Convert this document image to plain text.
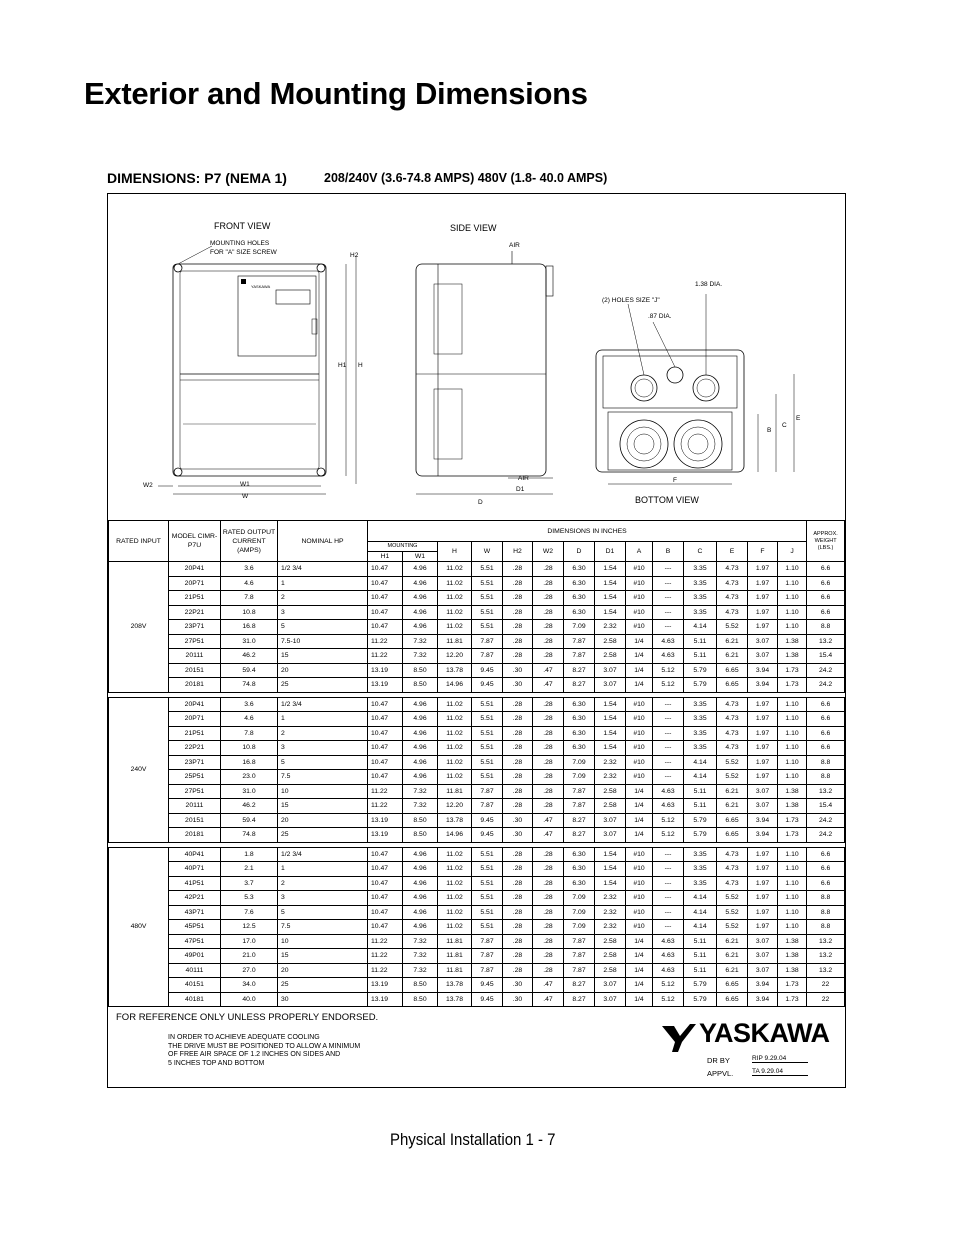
Exterior and Mounting Dimensions
DIMENSIONS: P7 (NEMA 1)	208/240V (3.6-74.8 AMPS) 480V (1.8- 40.0 AMPS)
FRONT VIEW	SIDE VIEW
BOTTOM VIEW
MOUNTING HOLES
FOR "A" SIZE SCREW
YASKAWA
H2
H1 H
W1
W2
W
AIR
AIR
D1
D
1.38 DIA.
(2) HOLES SIZE "J"
.87 DIA.
B
C
E
F
RATED INPUT	MODEL CIMR-P7U	RATED OUTPUT CURRENT (AMPS)	NOMINAL HP	DIMENSIONS IN INCHES														APPROX. WEIGHT (LBS.)
				MOUNTING		H	W	H2	W2	D	D1	A	B	C	E	F	J	
				H1	W1													
208V	20P41	3.6	1/2 3/4	10.47	4.96	11.02	5.51	.28	.28	6.30	1.54	#10	---	3.35	4.73	1.97	1.10	6.6
	20P71	4.6	1	10.47	4.96	11.02	5.51	.28	.28	6.30	1.54	#10	---	3.35	4.73	1.97	1.10	6.6
	21P51	7.8	2	10.47	4.96	11.02	5.51	.28	.28	6.30	1.54	#10	---	3.35	4.73	1.97	1.10	6.6
	22P21	10.8	3	10.47	4.96	11.02	5.51	.28	.28	6.30	1.54	#10	---	3.35	4.73	1.97	1.10	6.6
	23P71	16.8	5	10.47	4.96	11.02	5.51	.28	.28	7.09	2.32	#10	---	4.14	5.52	1.97	1.10	8.8
	27P51	31.0	7.5-10	11.22	7.32	11.81	7.87	.28	.28	7.87	2.58	1/4	4.63	5.11	6.21	3.07	1.38	13.2
	20111	46.2	15	11.22	7.32	12.20	7.87	.28	.28	7.87	2.58	1/4	4.63	5.11	6.21	3.07	1.38	15.4
	20151	59.4	20	13.19	8.50	13.78	9.45	.30	.47	8.27	3.07	1/4	5.12	5.79	6.65	3.94	1.73	24.2
	20181	74.8	25	13.19	8.50	14.96	9.45	.30	.47	8.27	3.07	1/4	5.12	5.79	6.65	3.94	1.73	24.2

240V	20P41	3.6	1/2 3/4	10.47	4.96	11.02	5.51	.28	.28	6.30	1.54	#10	---	3.35	4.73	1.97	1.10	6.6
	20P71	4.6	1	10.47	4.96	11.02	5.51	.28	.28	6.30	1.54	#10	---	3.35	4.73	1.97	1.10	6.6
	21P51	7.8	2	10.47	4.96	11.02	5.51	.28	.28	6.30	1.54	#10	---	3.35	4.73	1.97	1.10	6.6
	22P21	10.8	3	10.47	4.96	11.02	5.51	.28	.28	6.30	1.54	#10	---	3.35	4.73	1.97	1.10	6.6
	23P71	16.8	5	10.47	4.96	11.02	5.51	.28	.28	7.09	2.32	#10	---	4.14	5.52	1.97	1.10	8.8
	25P51	23.0	7.5	10.47	4.96	11.02	5.51	.28	.28	7.09	2.32	#10	---	4.14	5.52	1.97	1.10	8.8
	27P51	31.0	10	11.22	7.32	11.81	7.87	.28	.28	7.87	2.58	1/4	4.63	5.11	6.21	3.07	1.38	13.2
	20111	46.2	15	11.22	7.32	12.20	7.87	.28	.28	7.87	2.58	1/4	4.63	5.11	6.21	3.07	1.38	15.4
	20151	59.4	20	13.19	8.50	13.78	9.45	.30	.47	8.27	3.07	1/4	5.12	5.79	6.65	3.94	1.73	24.2
	20181	74.8	25	13.19	8.50	14.96	9.45	.30	.47	8.27	3.07	1/4	5.12	5.79	6.65	3.94	1.73	24.2

480V	40P41	1.8	1/2 3/4	10.47	4.96	11.02	5.51	.28	.28	6.30	1.54	#10	---	3.35	4.73	1.97	1.10	6.6
	40P71	2.1	1	10.47	4.96	11.02	5.51	.28	.28	6.30	1.54	#10	---	3.35	4.73	1.97	1.10	6.6
	41P51	3.7	2	10.47	4.96	11.02	5.51	.28	.28	6.30	1.54	#10	---	3.35	4.73	1.97	1.10	6.6
	42P21	5.3	3	10.47	4.96	11.02	5.51	.28	.28	7.09	2.32	#10	---	4.14	5.52	1.97	1.10	8.8
	43P71	7.6	5	10.47	4.96	11.02	5.51	.28	.28	7.09	2.32	#10	---	4.14	5.52	1.97	1.10	8.8
	45P51	12.5	7.5	10.47	4.96	11.02	5.51	.28	.28	7.09	2.32	#10	---	4.14	5.52	1.97	1.10	8.8
	47P51	17.0	10	11.22	7.32	11.81	7.87	.28	.28	7.87	2.58	1/4	4.63	5.11	6.21	3.07	1.38	13.2
	49P01	21.0	15	11.22	7.32	11.81	7.87	.28	.28	7.87	2.58	1/4	4.63	5.11	6.21	3.07	1.38	13.2
	40111	27.0	20	11.22	7.32	11.81	7.87	.28	.28	7.87	2.58	1/4	4.63	5.11	6.21	3.07	1.38	13.2
	40151	34.0	25	13.19	8.50	13.78	9.45	.30	.47	8.27	3.07	1/4	5.12	5.79	6.65	3.94	1.73	22
	40181	40.0	30	13.19	8.50	13.78	9.45	.30	.47	8.27	3.07	1/4	5.12	5.79	6.65	3.94	1.73	22
FOR REFERENCE ONLY UNLESS PROPERLY ENDORSED.
IN ORDER TO ACHIEVE ADEQUATE COOLING
THE DRIVE MUST BE POSITIONED TO ALLOW A MINIMUM
OF FREE AIR SPACE OF 1.2 INCHES ON SIDES AND
5 INCHES TOP AND BOTTOM
YASKAWA
DR BY
APPVL.
RIP 9.29.04
TA 9.29.04
Physical Installation 1 - 7
